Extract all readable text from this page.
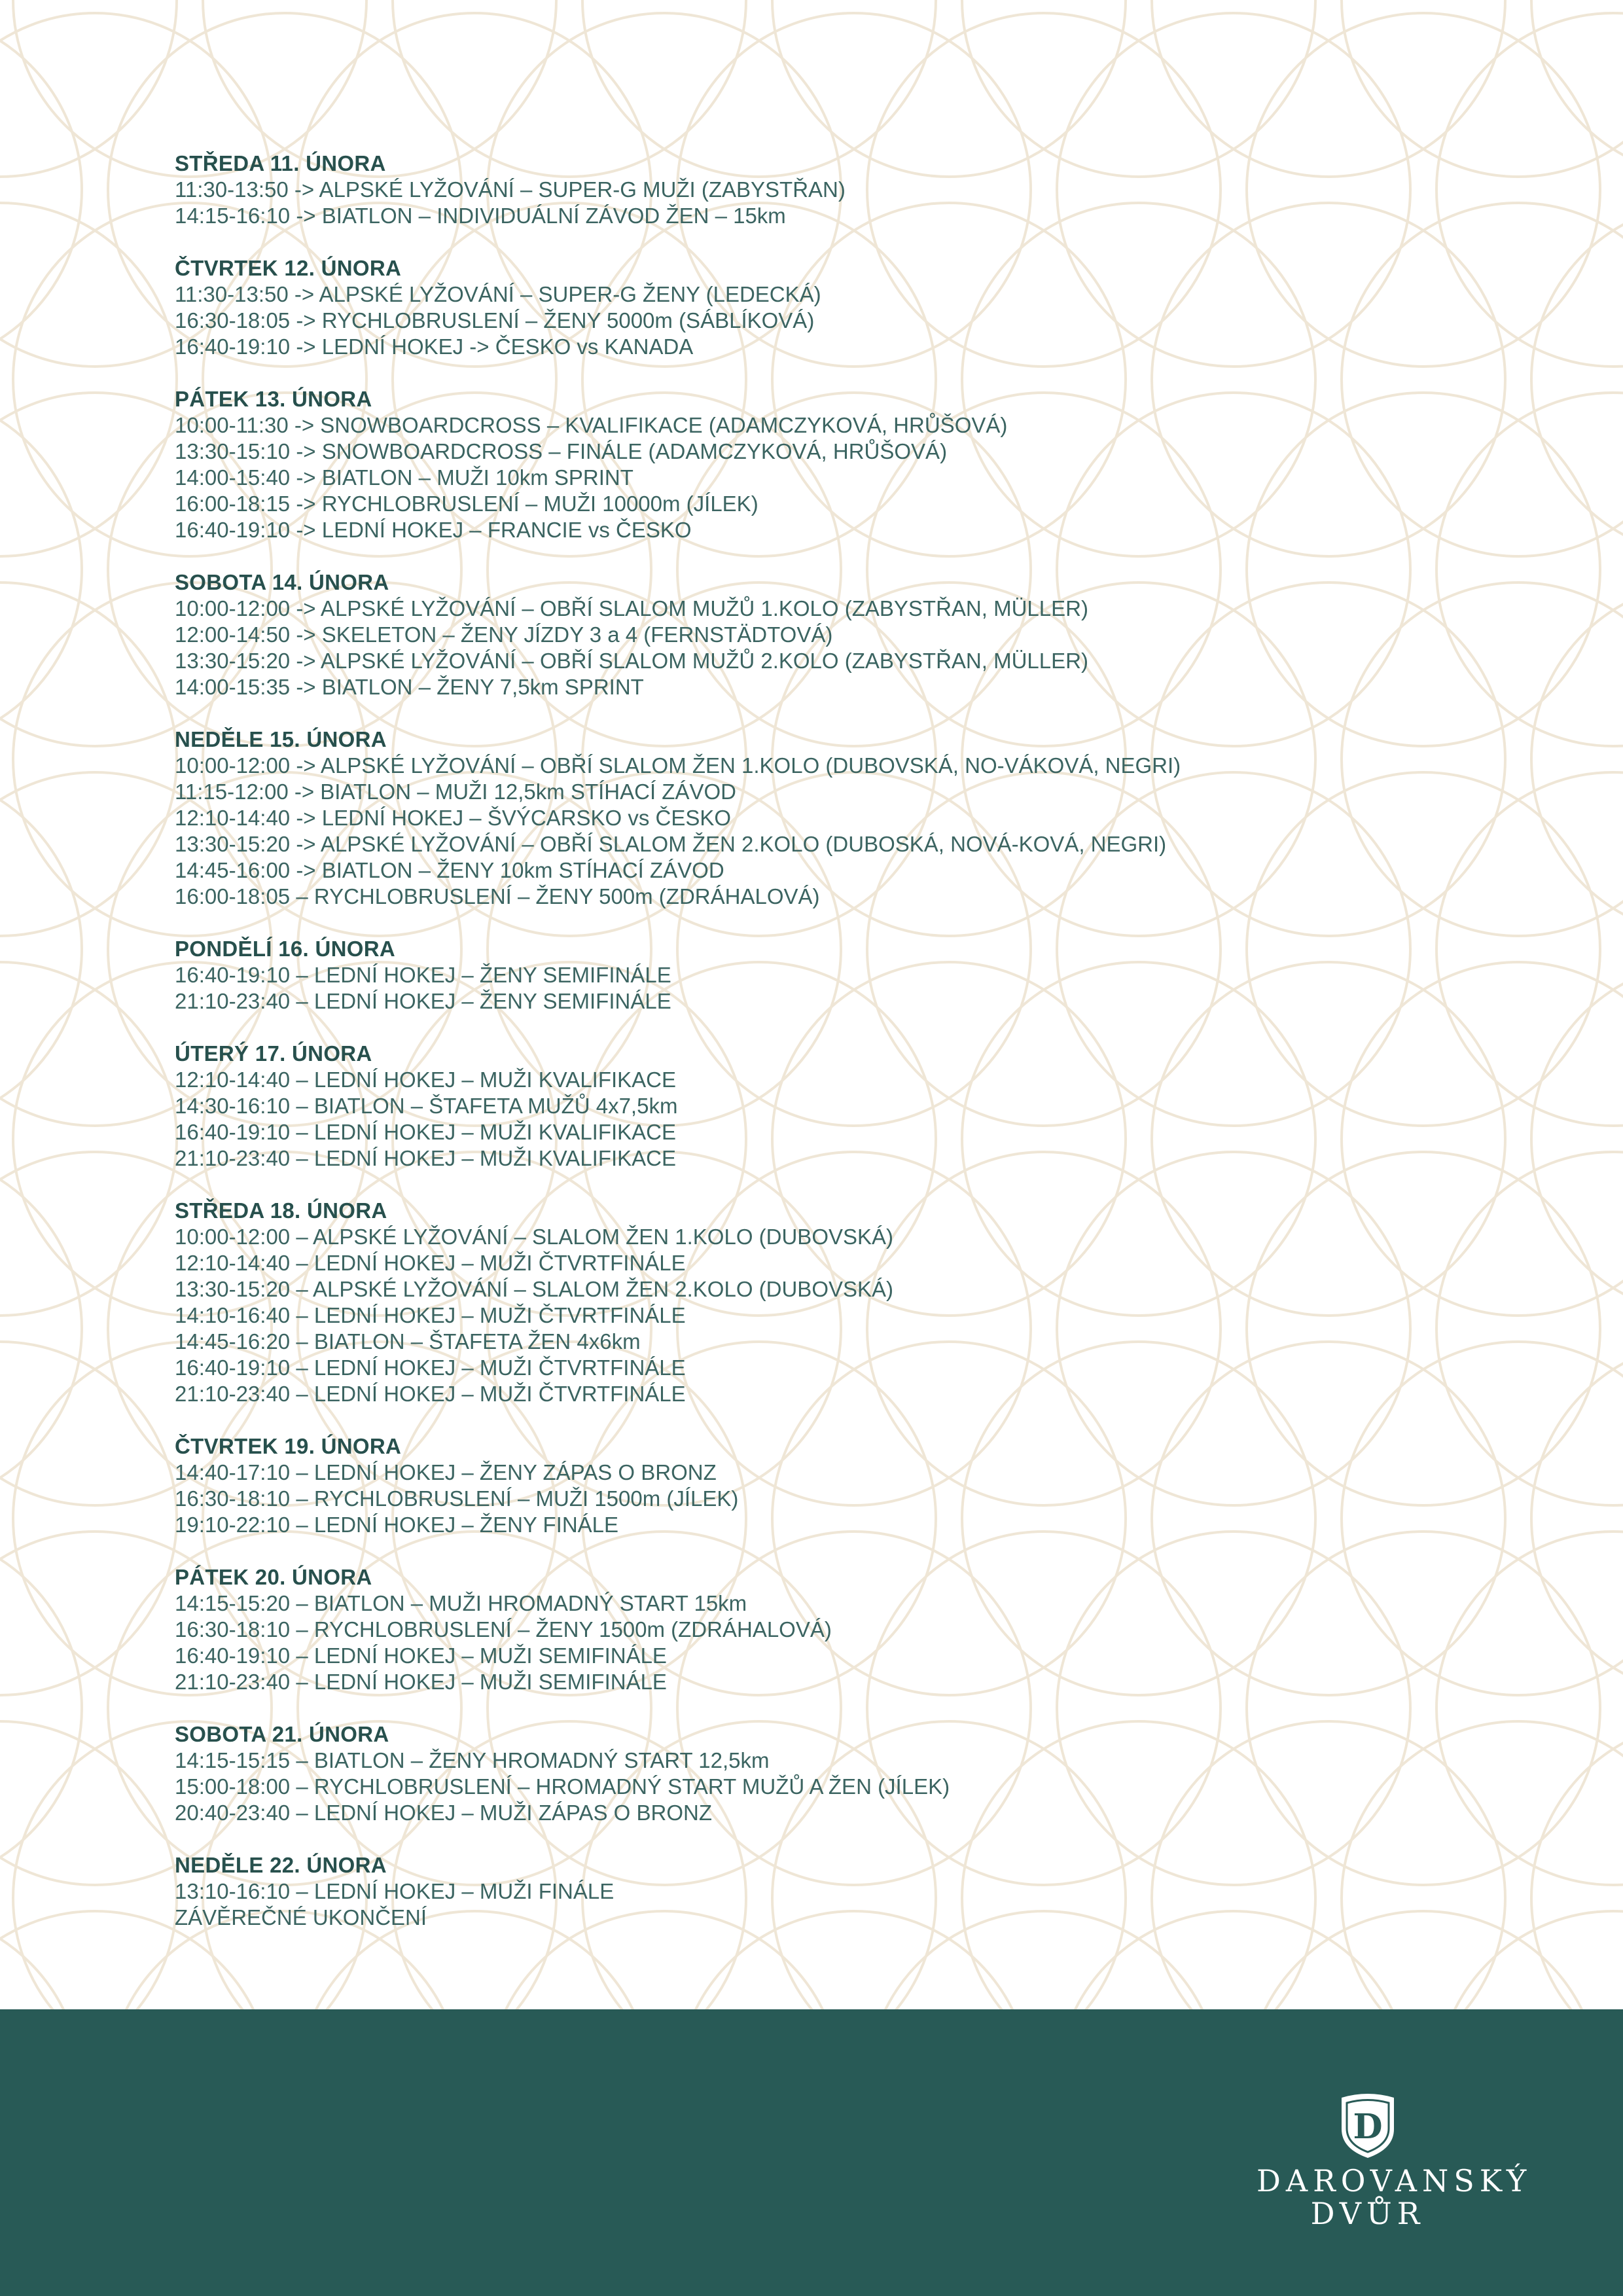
STŘEDA 11. ÚNORA
11:30-13:50 -> ALPSKÉ LYŽOVÁNÍ – SUPER-G MUŽI (ZABYSTŘAN)
14:15-16:10 -> BIATLON – INDIVIDUÁLNÍ ZÁVOD ŽEN – 15km
ČTVRTEK 12. ÚNORA
11:30-13:50 -> ALPSKÉ LYŽOVÁNÍ – SUPER-G ŽENY (LEDECKÁ)
16:30-18:05 -> RYCHLOBRUSLENÍ – ŽENY 5000m (SÁBLÍKOVÁ)
16:40-19:10 -> LEDNÍ HOKEJ -> ČESKO vs KANADA
PÁTEK 13. ÚNORA
10:00-11:30 -> SNOWBOARDCROSS – KVALIFIKACE (ADAMCZYKOVÁ, HRŮŠOVÁ)
13:30-15:10 -> SNOWBOARDCROSS – FINÁLE (ADAMCZYKOVÁ, HRŮŠOVÁ)
14:00-15:40 -> BIATLON – MUŽI 10km SPRINT
16:00-18:15 -> RYCHLOBRUSLENÍ – MUŽI 10000m (JÍLEK)
16:40-19:10 -> LEDNÍ HOKEJ – FRANCIE vs ČESKO
SOBOTA 14. ÚNORA
10:00-12:00 -> ALPSKÉ LYŽOVÁNÍ – OBŘÍ SLALOM MUŽŮ 1.KOLO (ZABYSTŘAN, MÜLLER)
12:00-14:50 -> SKELETON – ŽENY JÍZDY 3 a 4 (FERNSTÄDTOVÁ)
13:30-15:20 -> ALPSKÉ LYŽOVÁNÍ – OBŘÍ SLALOM MUŽŮ 2.KOLO (ZABYSTŘAN, MÜLLER)
14:00-15:35 -> BIATLON – ŽENY 7,5km SPRINT
NEDĚLE 15. ÚNORA
10:00-12:00 -> ALPSKÉ LYŽOVÁNÍ – OBŘÍ SLALOM ŽEN 1.KOLO (DUBOVSKÁ, NO-VÁKOVÁ, NEGRI)
11:15-12:00 -> BIATLON – MUŽI 12,5km STÍHACÍ ZÁVOD
12:10-14:40 -> LEDNÍ HOKEJ – ŠVÝCARSKO vs ČESKO
13:30-15:20 -> ALPSKÉ LYŽOVÁNÍ – OBŘÍ SLALOM ŽEN 2.KOLO (DUBOSKÁ, NOVÁ-KOVÁ, NEGRI)
14:45-16:00 -> BIATLON – ŽENY 10km STÍHACÍ ZÁVOD
16:00-18:05 – RYCHLOBRUSLENÍ – ŽENY 500m (ZDRÁHALOVÁ)
PONDĚLÍ 16. ÚNORA
16:40-19:10 – LEDNÍ HOKEJ – ŽENY SEMIFINÁLE
21:10-23:40 – LEDNÍ HOKEJ – ŽENY SEMIFINÁLE
ÚTERÝ 17. ÚNORA
12:10-14:40 – LEDNÍ HOKEJ – MUŽI KVALIFIKACE
14:30-16:10 – BIATLON – ŠTAFETA MUŽŮ 4x7,5km
16:40-19:10 – LEDNÍ HOKEJ – MUŽI KVALIFIKACE
21:10-23:40 – LEDNÍ HOKEJ – MUŽI KVALIFIKACE
STŘEDA 18. ÚNORA
10:00-12:00 – ALPSKÉ LYŽOVÁNÍ – SLALOM ŽEN 1.KOLO (DUBOVSKÁ)
12:10-14:40 – LEDNÍ HOKEJ – MUŽI ČTVRTFINÁLE
13:30-15:20 – ALPSKÉ LYŽOVÁNÍ – SLALOM ŽEN 2.KOLO (DUBOVSKÁ)
14:10-16:40 – LEDNÍ HOKEJ – MUŽI ČTVRTFINÁLE
14:45-16:20 – BIATLON – ŠTAFETA ŽEN 4x6km
16:40-19:10 – LEDNÍ HOKEJ – MUŽI ČTVRTFINÁLE
21:10-23:40 – LEDNÍ HOKEJ – MUŽI ČTVRTFINÁLE
ČTVRTEK 19. ÚNORA
14:40-17:10 – LEDNÍ HOKEJ – ŽENY ZÁPAS O BRONZ
16:30-18:10 – RYCHLOBRUSLENÍ – MUŽI 1500m (JÍLEK)
19:10-22:10 – LEDNÍ HOKEJ – ŽENY FINÁLE
PÁTEK 20. ÚNORA
14:15-15:20 – BIATLON – MUŽI HROMADNÝ START 15km
16:30-18:10 – RYCHLOBRUSLENÍ – ŽENY 1500m (ZDRÁHALOVÁ)
16:40-19:10 – LEDNÍ HOKEJ – MUŽI SEMIFINÁLE
21:10-23:40 – LEDNÍ HOKEJ – MUŽI SEMIFINÁLE
SOBOTA 21. ÚNORA
14:15-15:15 – BIATLON – ŽENY HROMADNÝ START 12,5km
15:00-18:00 – RYCHLOBRUSLENÍ – HROMADNÝ START MUŽŮ A ŽEN (JÍLEK)
20:40-23:40 – LEDNÍ HOKEJ – MUŽI ZÁPAS O BRONZ
NEDĚLE 22. ÚNORA
13:10-16:10 – LEDNÍ HOKEJ – MUŽI FINÁLE
ZÁVĚREČNÉ UKONČENÍ
D
DAROVANSKÝ
DVŮR
